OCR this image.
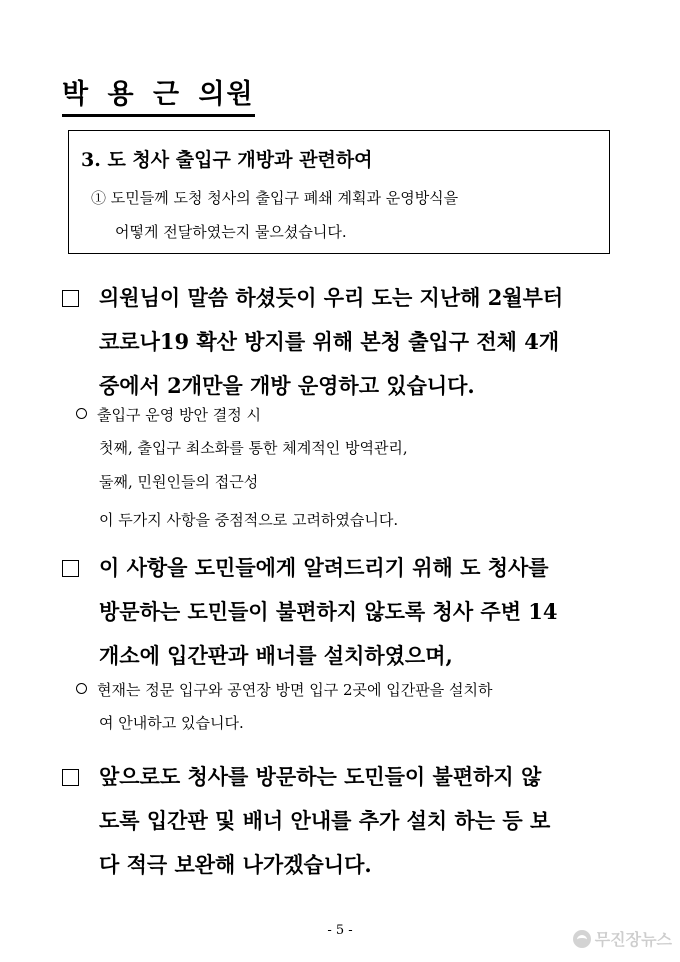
박 용 근 의원
3. 도 청사 출입구 개방과 관련하여
① 도민들께 도청 청사의 출입구 폐쇄 계획과 운영방식을
어떻게 전달하였는지 물으셨습니다.
의원님이 말씀 하셨듯이 우리 도는 지난해 2월부터
코로나19 확산 방지를 위해 본청 출입구 전체 4개
중에서 2개만을 개방 운영하고 있습니다.
출입구 운영 방안 결정 시
첫째, 출입구 최소화를 통한 체계적인 방역관리,
둘째, 민원인들의 접근성
이 두가지 사항을 중점적으로 고려하였습니다.
이 사항을 도민들에게 알려드리기 위해 도 청사를
방문하는 도민들이 불편하지 않도록 청사 주변 14
개소에 입간판과 배너를 설치하였으며,
현재는 정문 입구와 공연장 방면 입구 2곳에 입간판을 설치하
여 안내하고 있습니다.
앞으로도 청사를 방문하는 도민들이 불편하지 않
도록 입간판 및 배너 안내를 추가 설치 하는 등 보
다 적극 보완해 나가겠습니다.
- 5 -	무진장뉴스
